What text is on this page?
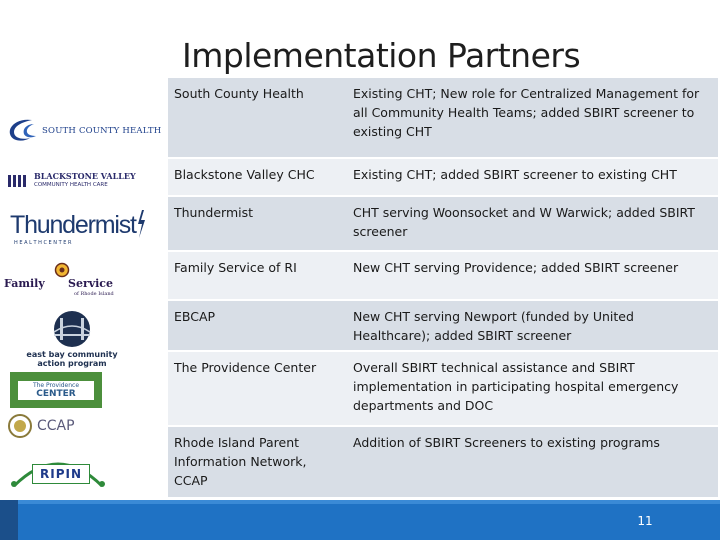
Implementation Partners
SOUTH COUNTY HEALTH
BLACKSTONE VALLEY
COMMUNITY HEALTH CARE
Thundermist
H E A L T H C E N T E R
Family Service
of Rhode Island
east bay community
action program
The Providence
CENTER
CCAP
RIPIN
South County Health	Existing CHT; New role for Centralized Management for all Community Health Teams; added SBIRT screener to existing CHT
Blackstone Valley CHC	Existing CHT; added SBIRT screener to existing CHT
Thundermist	CHT serving Woonsocket and W Warwick; added SBIRT screener
Family Service of RI	New CHT serving Providence; added SBIRT screener
EBCAP	New CHT serving Newport (funded by United Healthcare); added SBIRT screener
The Providence Center	Overall SBIRT technical assistance and SBIRT implementation in participating hospital emergency departments and DOC
Rhode Island Parent Information Network, CCAP	Addition of SBIRT Screeners to existing programs
11
